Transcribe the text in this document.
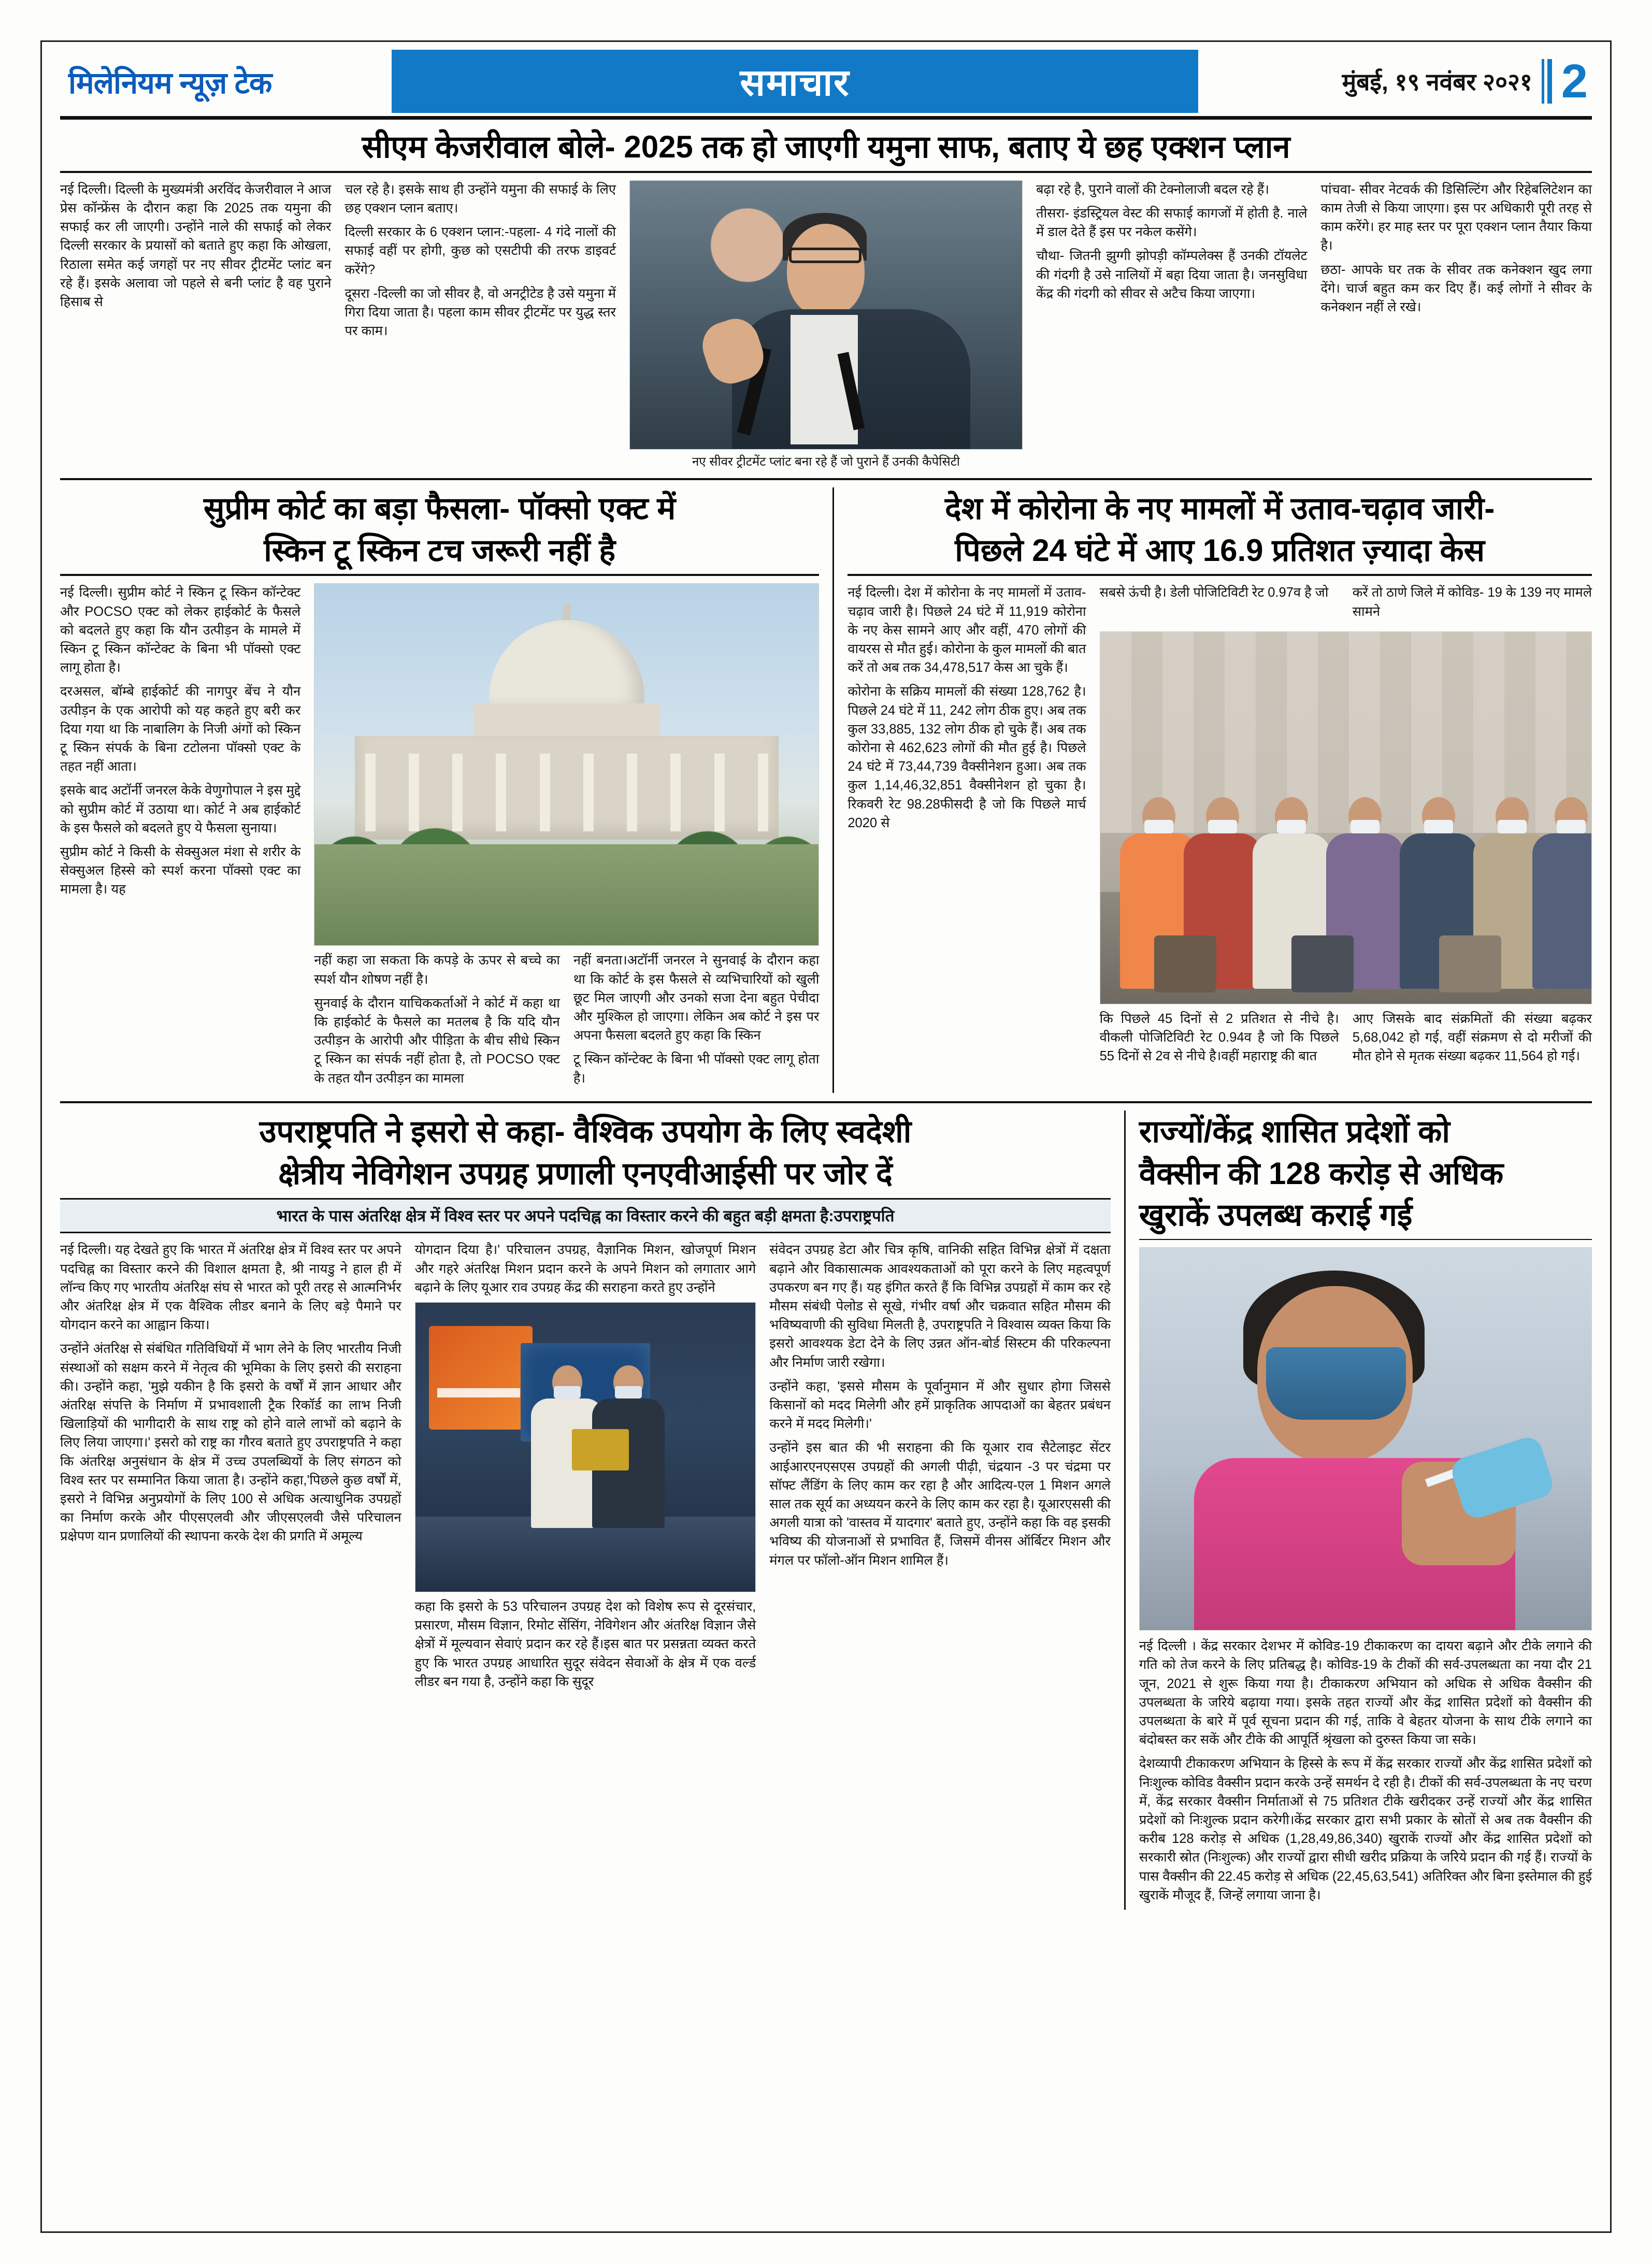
मिलेनियम न्यूज़ टेक	समाचार	मुंबई, १९ नवंबर २०२१ 2
सीएम केजरीवाल बोले- 2025 तक हो जाएगी यमुना साफ, बताए ये छह एक्शन प्लान

नई दिल्ली। दिल्ली के मुख्यमंत्री अरविंद केजरीवाल ने आज प्रेस कॉन्फ्रेंस के दौरान कहा कि 2025 तक यमुना की सफाई कर ली जाएगी। उन्होंने नाले की सफाई को लेकर दिल्ली सरकार के प्रयासों को बताते हुए कहा कि ओखला, रिठाला समेत कई जगहों पर नए सीवर ट्रीटमेंट प्लांट बन रहे हैं। इसके अलावा जो पहले से बनी प्लांट है वह पुराने हिसाब से

चल रहे है। इसके साथ ही उन्होंने यमुना की सफाई के लिए छह एक्शन प्लान बताए।

दिल्ली सरकार के 6 एक्शन प्लान:-पहला- 4 गंदे नालों की सफाई वहीं पर होगी, कुछ को एसटीपी की तरफ डाइवर्ट करेंगे?

दूसरा -दिल्ली का जो सीवर है, वो अनट्रीटेड है उसे यमुना में गिरा दिया जाता है। पहला काम सीवर ट्रीटमेंट पर युद्ध स्तर पर काम।

नए सीवर ट्रीटमेंट प्लांट बना रहे हैं जो पुराने हैं उनकी कैपेसिटी

बढ़ा रहे है, पुराने वालों की टेक्नोलाजी बदल रहे हैं।

तीसरा- इंडस्ट्रियल वेस्ट की सफाई कागजों में होती है. नाले में डाल देते हैं इस पर नकेल कसेंगे।

चौथा- जितनी झुग्गी झोपड़ी कॉम्पलेक्स हैं उनकी टॉयलेट की गंदगी है उसे नालियों में बहा दिया जाता है। जनसुविधा केंद्र की गंदगी को सीवर से अटैच किया जाएगा।

पांचवा- सीवर नेटवर्क की डिसिल्टिंग और रिहेबलिटेशन का काम तेजी से किया जाएगा। इस पर अधिकारी पूरी तरह से काम करेंगे। हर माह स्तर पर पूरा एक्शन प्लान तैयार किया है।

छठा- आपके घर तक के सीवर तक कनेक्शन खुद लगा देंगे। चार्ज बहुत कम कर दिए हैं। कई लोगों ने सीवर के कनेक्शन नहीं ले रखे।

सुप्रीम कोर्ट का बड़ा फैसला- पॉक्सो एक्ट में
स्किन टू स्किन टच जरूरी नहीं है

नई दिल्ली। सुप्रीम कोर्ट ने स्किन टू स्किन कॉन्टेक्ट और POCSO एक्ट को लेकर हाईकोर्ट के फैसले को बदलते हुए कहा कि यौन उत्पीड़न के मामले में स्किन टू स्किन कॉन्टेक्ट के बिना भी पॉक्सो एक्ट लागू होता है।

दरअसल, बॉम्बे हाईकोर्ट की नागपुर बेंच ने यौन उत्पीड़न के एक आरोपी को यह कहते हुए बरी कर दिया गया था कि नाबालिग के निजी अंगों को स्किन टू स्किन संपर्क के बिना टटोलना पॉक्सो एक्ट के तहत नहीं आता।

इसके बाद अटॉर्नी जनरल केके वेणुगोपाल ने इस मुद्दे को सुप्रीम कोर्ट में उठाया था। कोर्ट ने अब हाईकोर्ट के इस फैसले को बदलते हुए ये फैसला सुनाया।

सुप्रीम कोर्ट ने किसी के सेक्सुअल मंशा से शरीर के सेक्सुअल हिस्से को स्पर्श करना पॉक्सो एक्ट का मामला है। यह

नहीं कहा जा सकता कि कपड़े के ऊपर से बच्चे का स्पर्श यौन शोषण नहीं है।

सुनवाई के दौरान याचिककर्ताओं ने कोर्ट में कहा था कि हाईकोर्ट के फैसले का मतलब है कि यदि यौन उत्पीड़न के आरोपी और पीड़िता के बीच सीधे स्किन टू स्किन का संपर्क नहीं होता है, तो POCSO एक्ट के तहत यौन उत्पीड़न का मामला

नहीं बनता।अटॉर्नी जनरल ने सुनवाई के दौरान कहा था कि कोर्ट के इस फैसले से व्यभिचारियों को खुली छूट मिल जाएगी और उनको सजा देना बहुत पेचीदा और मुश्किल हो जाएगा। लेकिन अब कोर्ट ने इस पर अपना फैसला बदलते हुए कहा कि स्किन

टू स्किन कॉन्टेक्ट के बिना भी पॉक्सो एक्ट लागू होता है।

देश में कोरोना के नए मामलों में उताव-चढ़ाव जारी-
पिछले 24 घंटे में आए 16.9 प्रतिशत ज़्यादा केस

नई दिल्ली। देश में कोरोना के नए मामलों में उताव-चढ़ाव जारी है। पिछले 24 घंटे में 11,919 कोरोना के नए केस सामने आए और वहीं, 470 लोगों की वायरस से मौत हुई। कोरोना के कुल मामलों की बात करें तो अब तक 34,478,517 केस आ चुके हैं।

कोरोना के सक्रिय मामलों की संख्या 128,762 है। पिछले 24 घंटे में 11, 242 लोग ठीक हुए। अब तक कुल 33,885, 132 लोग ठीक हो चुके हैं। अब तक कोरोना से 462,623 लोगों की मौत हुई है। पिछले 24 घंटे में 73,44,739 वैक्सीनेशन हुआ। अब तक कुल 1,14,46,32,851 वैक्सीनेशन हो चुका है। रिकवरी रेट 98.28फीसदी है जो कि पिछले मार्च 2020 से

सबसे ऊंची है। डेली पोजिटिविटी रेट 0.97व है जो	करें तो ठाणे जिले में कोविड- 19 के 139 नए मामले सामने

कि पिछले 45 दिनों से 2 प्रतिशत से नीचे है। वीकली पोजिटिविटी रेट 0.94व है जो कि पिछले 55 दिनों से 2व से नीचे है।वहीं महाराष्ट्र की बात

आए जिसके बाद संक्रमितों की संख्या बढ़कर 5,68,042 हो गई, वहीं संक्रमण से दो मरीजों की मौत होने से मृतक संख्या बढ़कर 11,564 हो गई।

उपराष्ट्रपति ने इसरो से कहा- वैश्विक उपयोग के लिए स्वदेशी
क्षेत्रीय नेविगेशन उपग्रह प्रणाली एनएवीआईसी पर जोर दें
भारत के पास अंतरिक्ष क्षेत्र में विश्व स्तर पर अपने पदचिह्न का विस्तार करने की बहुत बड़ी क्षमता है:उपराष्ट्रपति

नई दिल्ली। यह देखते हुए कि भारत में अंतरिक्ष क्षेत्र में विश्व स्तर पर अपने पदचिह्न का विस्तार करने की विशाल क्षमता है, श्री नायडु ने हाल ही में लॉन्च किए गए भारतीय अंतरिक्ष संघ से भारत को पूरी तरह से आत्मनिर्भर और अंतरिक्ष क्षेत्र में एक वैश्विक लीडर बनाने के लिए बड़े पैमाने पर योगदान करने का आह्वान किया।

उन्होंने अंतरिक्ष से संबंधित गतिविधियों में भाग लेने के लिए भारतीय निजी संस्थाओं को सक्षम करने में नेतृत्व की भूमिका के लिए इसरो की सराहना की। उन्होंने कहा, 'मुझे यकीन है कि इसरो के वर्षों में ज्ञान आधार और अंतरिक्ष संपत्ति के निर्माण में प्रभावशाली ट्रैक रिकॉर्ड का लाभ निजी खिलाड़ियों की भागीदारी के साथ राष्ट्र को होने वाले लाभों को बढ़ाने के लिए लिया जाएगा।' इसरो को राष्ट्र का गौरव बताते हुए उपराष्ट्रपति ने कहा कि अंतरिक्ष अनुसंधान के क्षेत्र में उच्च उपलब्धियों के लिए संगठन को विश्व स्तर पर सम्मानित किया जाता है। उन्होंने कहा,'पिछले कुछ वर्षों में, इसरो ने विभिन्न अनुप्रयोगों के लिए 100 से अधिक अत्याधुनिक उपग्रहों का निर्माण करके और पीएसएलवी और जीएसएलवी जैसे परिचालन प्रक्षेपण यान प्रणालियों की स्थापना करके देश की प्रगति में अमूल्य

योगदान दिया है।' परिचालन उपग्रह, वैज्ञानिक मिशन, खोजपूर्ण मिशन और गहरे अंतरिक्ष मिशन प्रदान करने के अपने मिशन को लगातार आगे बढ़ाने के लिए यूआर राव उपग्रह केंद्र की सराहना करते हुए उन्होंने

कहा कि इसरो के 53 परिचालन उपग्रह देश को विशेष रूप से दूरसंचार, प्रसारण, मौसम विज्ञान, रिमोट सेंसिंग, नेविगेशन और अंतरिक्ष विज्ञान जैसे क्षेत्रों में मूल्यवान सेवाएं प्रदान कर रहे हैं।इस बात पर प्रसन्नता व्यक्त करते हुए कि भारत उपग्रह आधारित सुदूर संवेदन सेवाओं के क्षेत्र में एक वर्ल्ड लीडर बन गया है, उन्होंने कहा कि सुदूर

संवेदन उपग्रह डेटा और चित्र कृषि, वानिकी सहित विभिन्न क्षेत्रों में दक्षता बढ़ाने और विकासात्मक आवश्यकताओं को पूरा करने के लिए महत्वपूर्ण उपकरण बन गए हैं। यह इंगित करते हैं कि विभिन्न उपग्रहों में काम कर रहे मौसम संबंधी पेलोड से सूखे, गंभीर वर्षा और चक्रवात सहित मौसम की भविष्यवाणी की सुविधा मिलती है, उपराष्ट्रपति ने विश्वास व्यक्त किया कि इसरो आवश्यक डेटा देने के लिए उन्नत ऑन-बोर्ड सिस्टम की परिकल्पना और निर्माण जारी रखेगा।

उन्होंने कहा, 'इससे मौसम के पूर्वानुमान में और सुधार होगा जिससे किसानों को मदद मिलेगी और हमें प्राकृतिक आपदाओं का बेहतर प्रबंधन करने में मदद मिलेगी।'

उन्होंने इस बात की भी सराहना की कि यूआर राव सैटेलाइट सेंटर आईआरएनएसएस उपग्रहों की अगली पीढ़ी, चंद्रयान -3 पर चंद्रमा पर सॉफ्ट लैंडिंग के लिए काम कर रहा है और आदित्य-एल 1 मिशन अगले साल तक सूर्य का अध्ययन करने के लिए काम कर रहा है। यूआरएससी की अगली यात्रा को 'वास्तव में यादगार' बताते हुए, उन्होंने कहा कि वह इसकी भविष्य की योजनाओं से प्रभावित हैं, जिसमें वीनस ऑर्बिटर मिशन और मंगल पर फॉलो-ऑन मिशन शामिल हैं।

राज्यों/केंद्र शासित प्रदेशों को
वैक्सीन की 128 करोड़ से अधिक
खुराकें उपलब्ध कराई गई

नई दिल्ली । केंद्र सरकार देशभर में कोविड-19 टीकाकरण का दायरा बढ़ाने और टीके लगाने की गति को तेज करने के लिए प्रतिबद्ध है। कोविड-19 के टीकों की सर्व-उपलब्धता का नया दौर 21 जून, 2021 से शुरू किया गया है। टीकाकरण अभियान को अधिक से अधिक वैक्सीन की उपलब्धता के जरिये बढ़ाया गया। इसके तहत राज्यों और केंद्र शासित प्रदेशों को वैक्सीन की उपलब्धता के बारे में पूर्व सूचना प्रदान की गई, ताकि वे बेहतर योजना के साथ टीके लगाने का बंदोबस्त कर सकें और टीके की आपूर्ति श्रृंखला को दुरुस्त किया जा सके।

देशव्यापी टीकाकरण अभियान के हिस्से के रूप में केंद्र सरकार राज्यों और केंद्र शासित प्रदेशों को निःशुल्क कोविड वैक्सीन प्रदान करके उन्हें समर्थन दे रही है। टीकों की सर्व-उपलब्धता के नए चरण में, केंद्र सरकार वैक्सीन निर्माताओं से 75 प्रतिशत टीके खरीदकर उन्हें राज्यों और केंद्र शासित प्रदेशों को निःशुल्क प्रदान करेगी।केंद्र सरकार द्वारा सभी प्रकार के स्रोतों से अब तक वैक्सीन की करीब 128 करोड़ से अधिक (1,28,49,86,340) खुराकें राज्यों और केंद्र शासित प्रदेशों को सरकारी स्रोत (निःशुल्क) और राज्यों द्वारा सीधी खरीद प्रक्रिया के जरिये प्रदान की गई हैं। राज्यों के पास वैक्सीन की 22.45 करोड़ से अधिक (22,45,63,541) अतिरिक्त और बिना इस्तेमाल की हुई खुराकें मौजूद हैं, जिन्हें लगाया जाना है।
